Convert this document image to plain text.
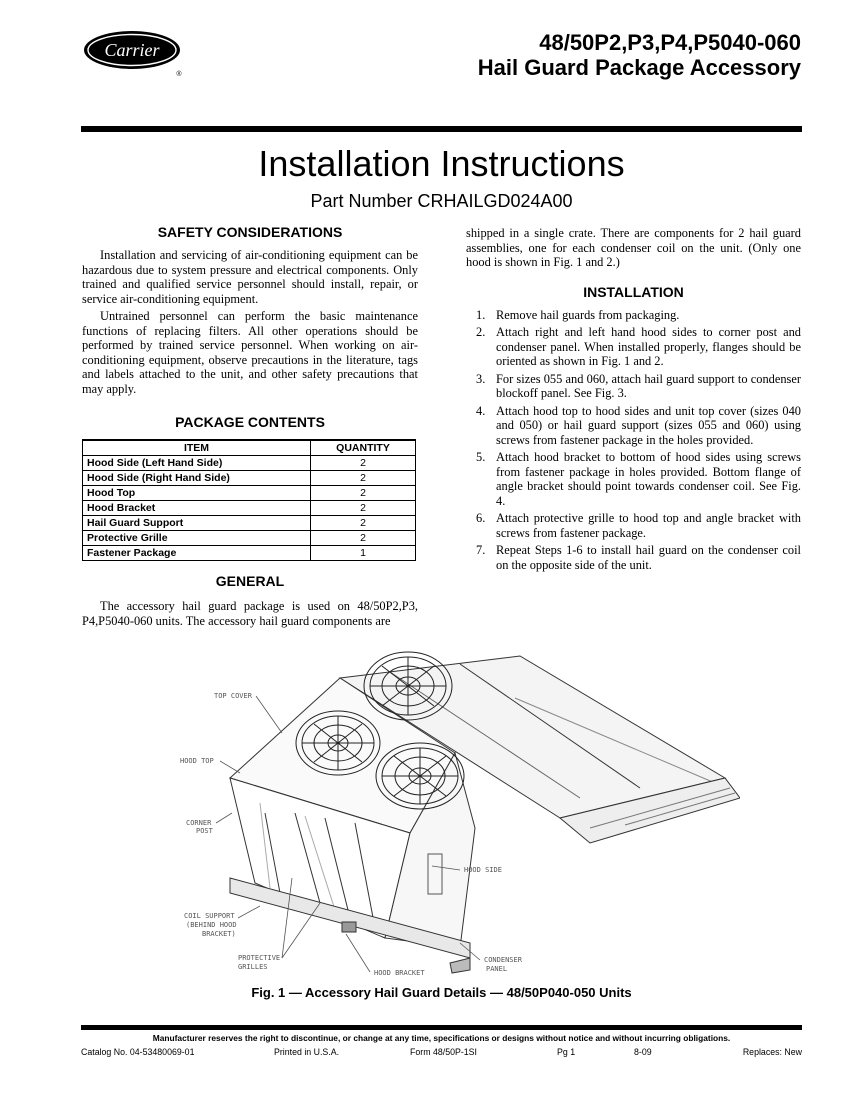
Carrier
®
48/50P2,P3,P4,P5040-060
Hail Guard Package Accessory
Installation Instructions
Part Number CRHAILGD024A00
SAFETY CONSIDERATIONS

Installation and servicing of air-conditioning equipment can be hazardous due to system pressure and electrical components. Only trained and qualified service personnel should install, repair, or service air-conditioning equipment.

Untrained personnel can perform the basic maintenance functions of replacing filters. All other operations should be performed by trained service personnel. When working on air-conditioning equipment, observe precautions in the literature, tags and labels attached to the unit, and other safety precautions that may apply.

PACKAGE CONTENTS
ITEM	QUANTITY
Hood Side (Left Hand Side)	2
Hood Side (Right Hand Side)	2
Hood Top	2
Hood Bracket	2
Hail Guard Support	2
Protective Grille	2
Fastener Package	1
GENERAL

The accessory hail guard package is used on 48/50P2,P3, P4,P5040-060 units. The accessory hail guard components are

shipped in a single crate. There are components for 2 hail guard assemblies, one for each condenser coil on the unit. (Only one hood is shown in Fig. 1 and 2.)

INSTALLATION
1. Remove hail guards from packaging.
2. Attach right and left hand hood sides to corner post and condenser panel. When installed properly, flanges should be oriented as shown in Fig. 1 and 2.
3. For sizes 055 and 060, attach hail guard support to condenser blockoff panel. See Fig. 3.
4. Attach hood top to hood sides and unit top cover (sizes 040 and 050) or hail guard support (sizes 055 and 060) using screws from fastener package in the holes provided.
5. Attach hood bracket to bottom of hood sides using screws from fastener package in holes provided. Bottom flange of angle bracket should point towards condenser coil. See Fig. 4.
6. Attach protective grille to hood top and angle bracket with screws from fastener package.
7. Repeat Steps 1-6 to install hail guard on the condenser coil on the opposite side of the unit.
TOP COVER
HOOD TOP
CORNER
POST
HOOD SIDE
COIL SUPPORT
(BEHIND HOOD
BRACKET)
PROTECTIVE
GRILLES
HOOD BRACKET
CONDENSER
PANEL
Fig. 1 — Accessory Hail Guard Details — 48/50P040-050 Units
Manufacturer reserves the right to discontinue, or change at any time, specifications or designs without notice and without incurring obligations.
Catalog No. 04-53480069-01	Printed in U.S.A.	Form 48/50P-1SI	Pg 1	8-09	Replaces: New
